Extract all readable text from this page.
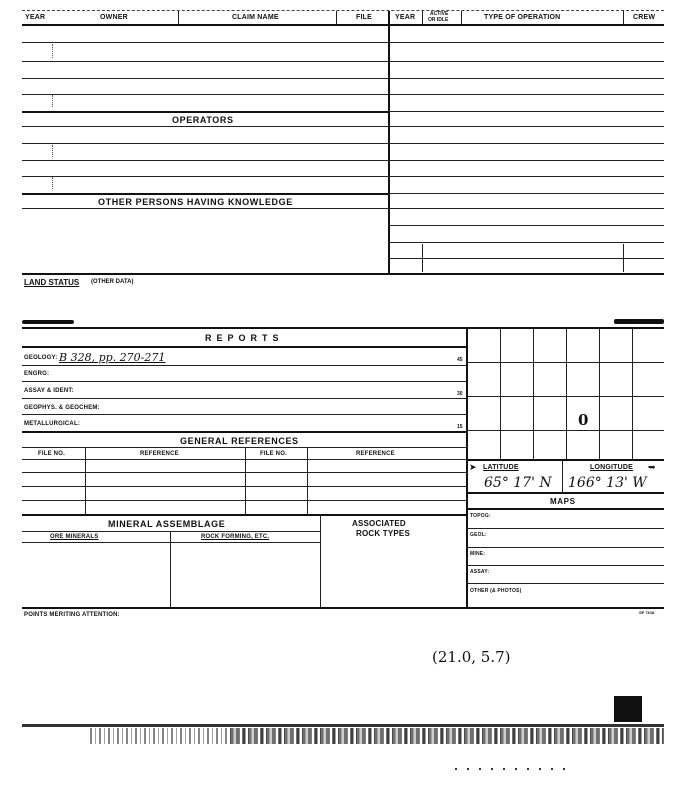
YEAR	OWNER	CLAIM NAME	FILE	YEAR	ACTIVE
OR IDLE	TYPE OF OPERATION	CREW
OPERATORS
OTHER PERSONS HAVING KNOWLEDGE
LAND STATUS (OTHER DATA)
REPORTS
GEOLOGY: B 328, pp. 270-271	45
ENGRG:
ASSAY & IDENT:	30
GEOPHYS. & GEOCHEM:
METALLURGICAL:	15
GENERAL REFERENCES
FILE NO.	REFERENCE	FILE NO.	REFERENCE
MINERAL ASSEMBLAGE	ASSOCIATED
ROCK TYPES
ORE MINERALS	ROCK FORMING, ETC.
0
➤ LATITUDE	LONGITUDE ➥
65° 17' N 166° 13' W
MAPS
TOPOG:
GEOL:
MINE:
ASSAY:
OTHER (& PHOTOS)
POINTS MERITING ATTENTION:	SP 7618
(21.0, 5.7)
